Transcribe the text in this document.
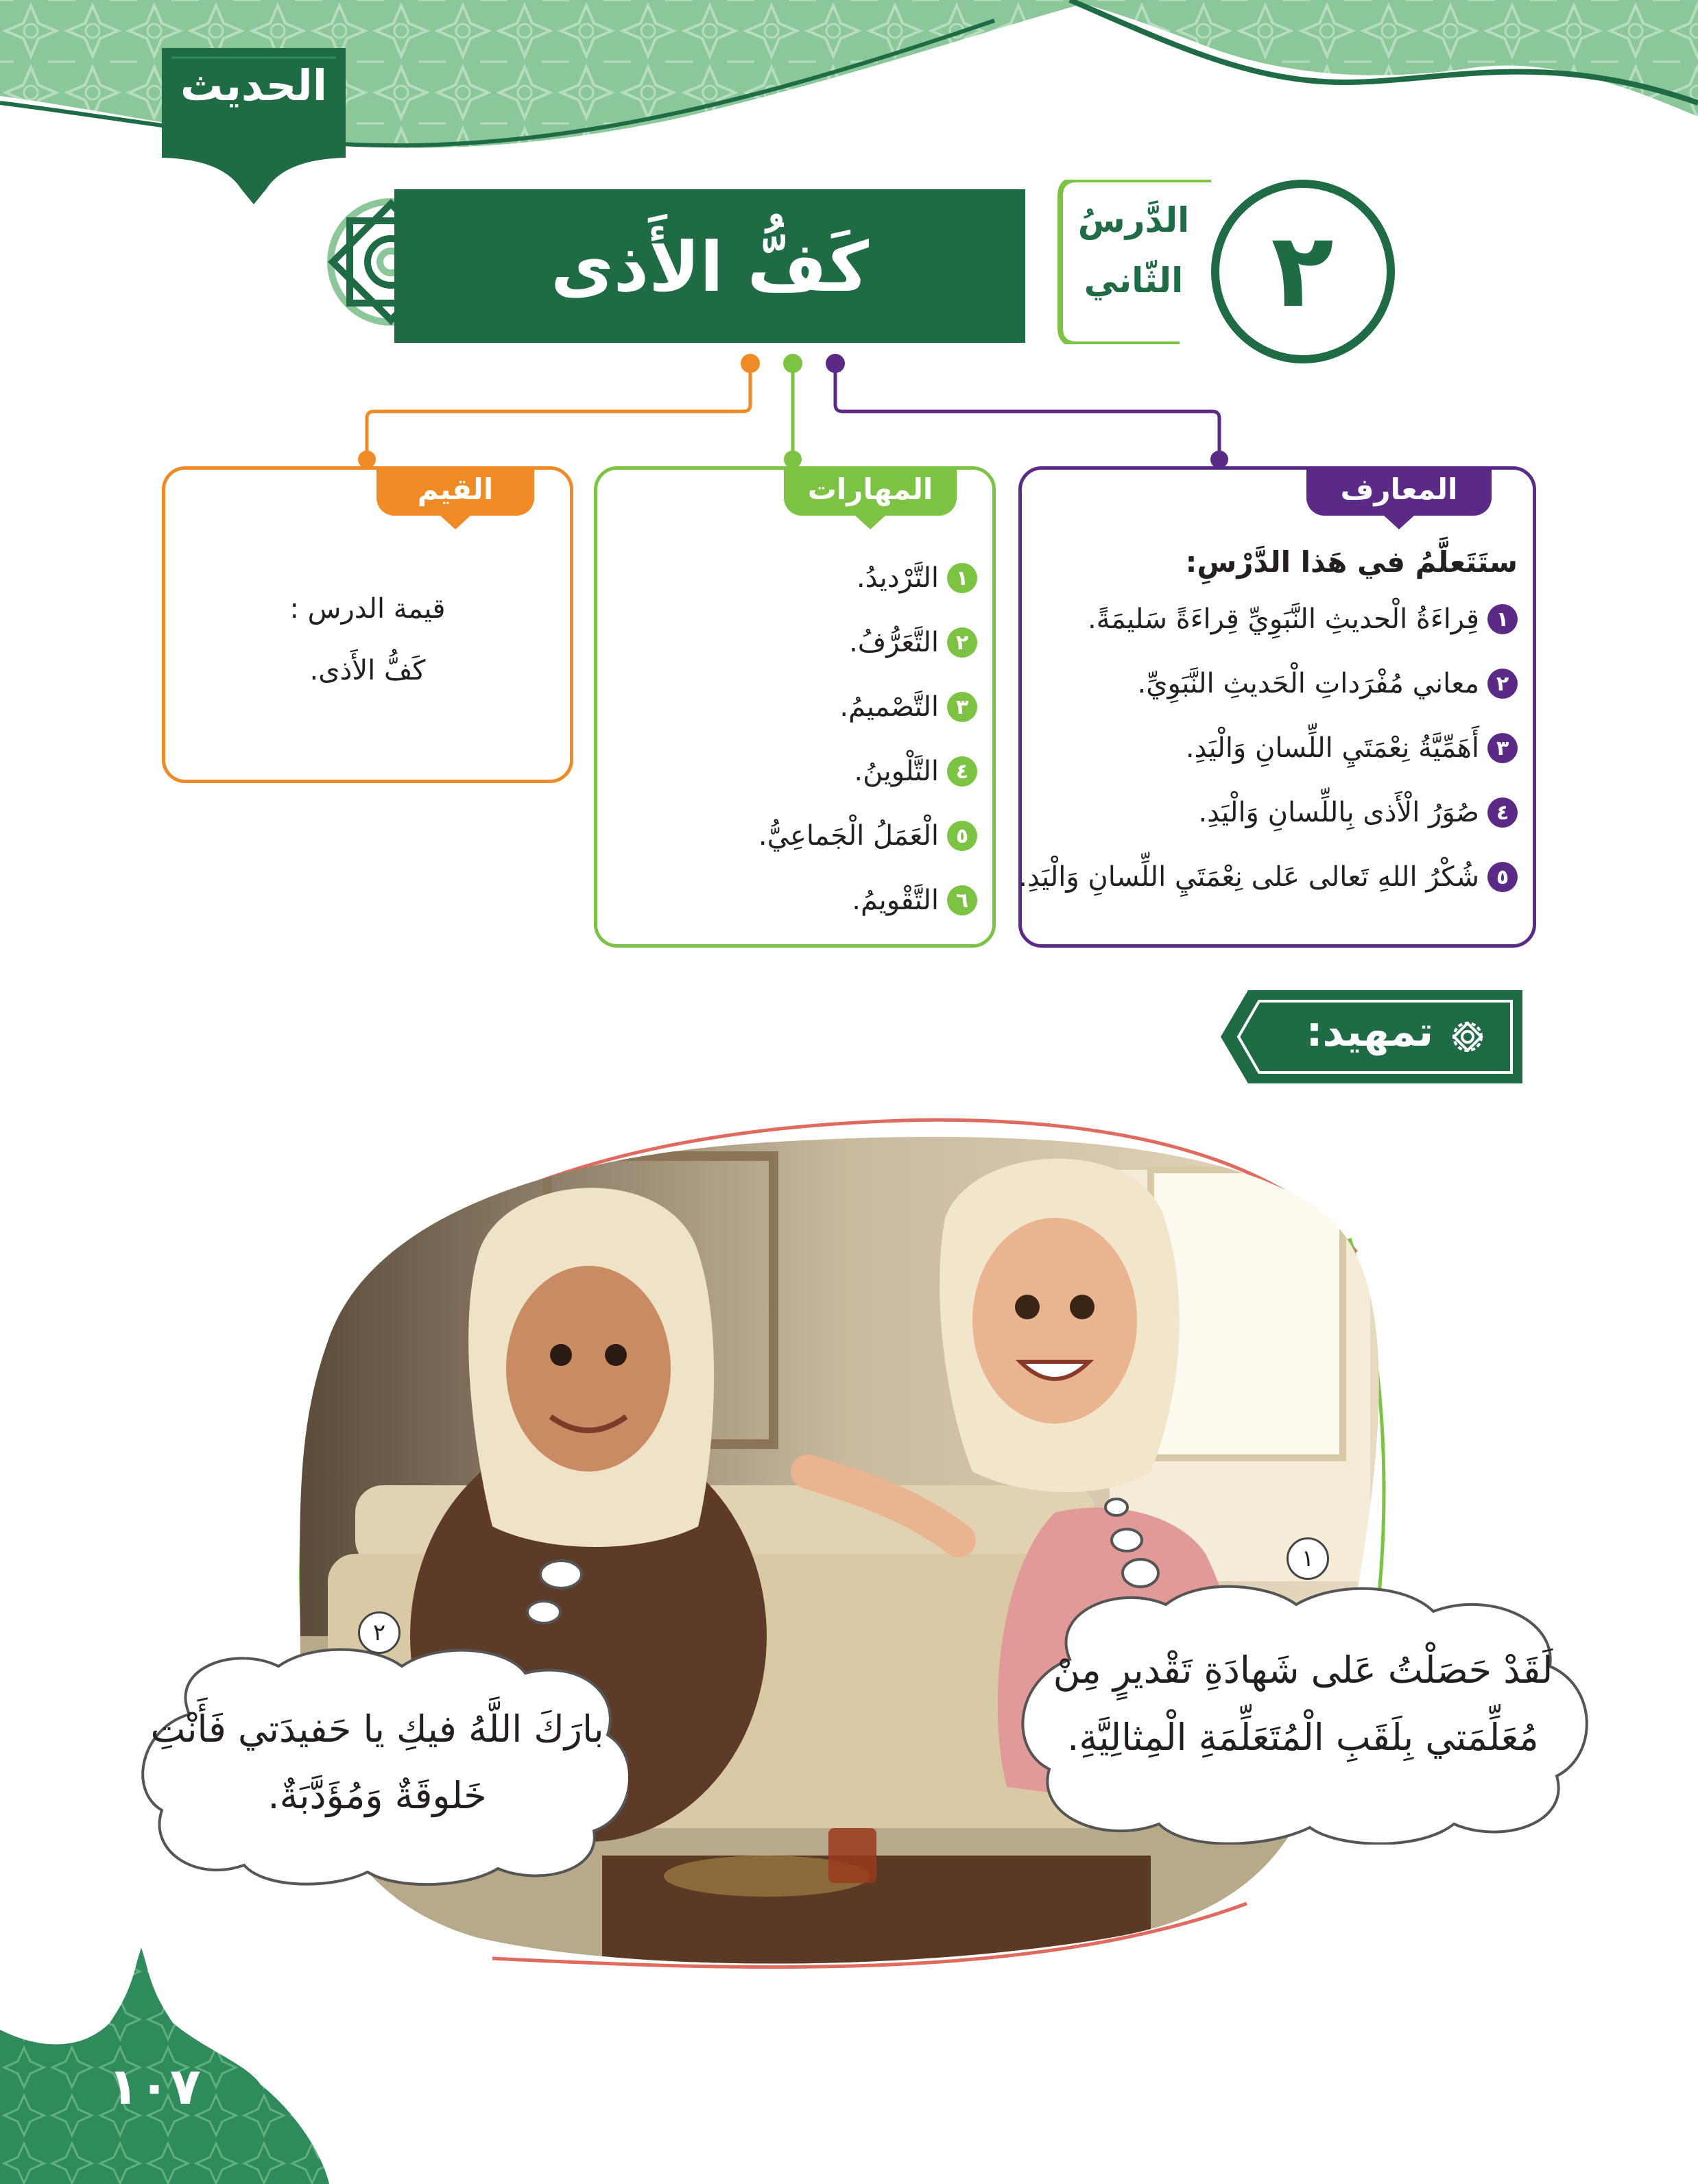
الحديث
كَفُّ الأَذى
الدَّرسُ
الثّاني ٢
المعارف
ستَتَعلَّمُ في هَذا الدَّرْسِ:
١
قِراءَةُ الْحديثِ النَّبَوِيِّ قِراءَةً سَليمَةً.
٢
معاني مُفْرَداتِ الْحَديثِ النَّبَوِيِّ.
٣
أَهَمِّيَّةُ نِعْمَتَيِ اللِّسانِ وَالْيَدِ.
٤
صُوَرُ الْأَذى بِاللِّسانِ وَالْيَدِ.
٥
شُكْرُ اللهِ تَعالى عَلى نِعْمَتَيِ اللِّسانِ وَالْيَدِ.
المهارات
١
التَّرْديدُ.
٢
التَّعَرُّفُ.
٣
التَّصْميمُ.
٤
التَّلْوينُ.
٥
الْعَمَلُ الْجَماعِيُّ.
٦
التَّقْويمُ.
القيم
قيمة الدرس :
كَفُّ الأَذى.
تمهيد:
١
لَقَدْ حَصَلْتُ عَلى شَهادَةِ تَقْديرٍ مِنْ
مُعَلِّمَتي بِلَقَبِ الْمُتَعَلِّمَةِ الْمِثالِيَّةِ.
٢
بارَكَ اللَّهُ فيكِ يا حَفيدَتي فَأَنْتِ
خَلوقَةٌ وَمُؤَدَّبَةٌ.
١٠٧
